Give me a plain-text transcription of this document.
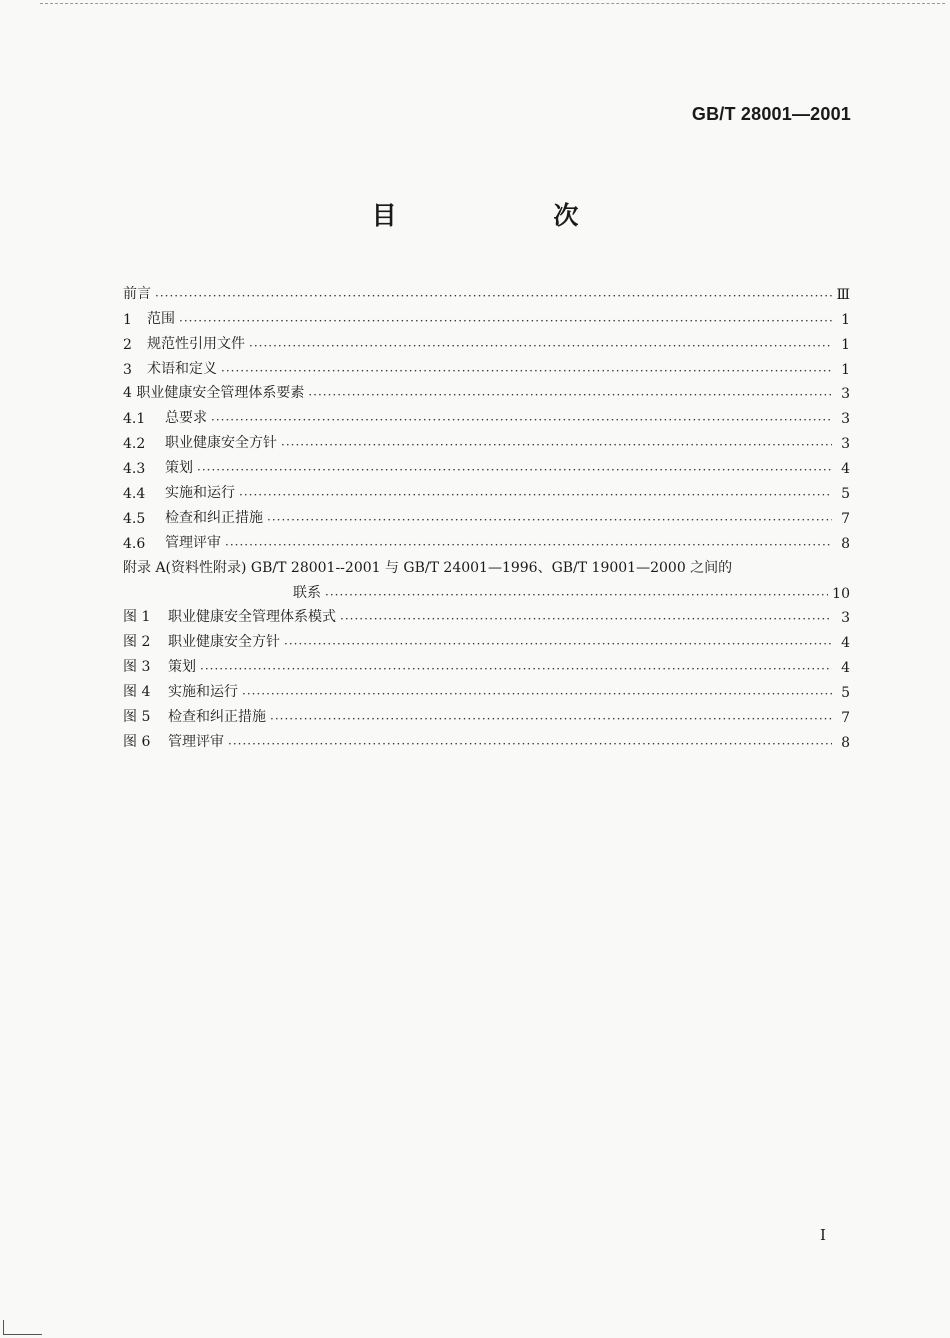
GB/T 28001—2001
目 次
前言 ·····	Ⅲ
1	范围 ·····	1
2	规范性引用文件 ·····	1
3	术语和定义 ·····	1
4 职业健康安全管理体系要素 ·····	3
4.1	总要求 ·····	3
4.2	职业健康安全方针 ·····	3
4.3	策划 ·····	4
4.4	实施和运行 ·····	5
4.5	检查和纠正措施 ·····	7
4.6	管理评审 ·····	8
附录 A(资料性附录) GB/T 28001--2001 与 GB/T 24001—1996、GB/T 19001—2000 之间的
联系 ·····	10
图 1	职业健康安全管理体系模式 ·····	3
图 2	职业健康安全方针 ·····	4
图 3	策划 ·····	4
图 4	实施和运行 ·····	5
图 5	检查和纠正措施 ·····	7
图 6	管理评审 ·····	8
I
